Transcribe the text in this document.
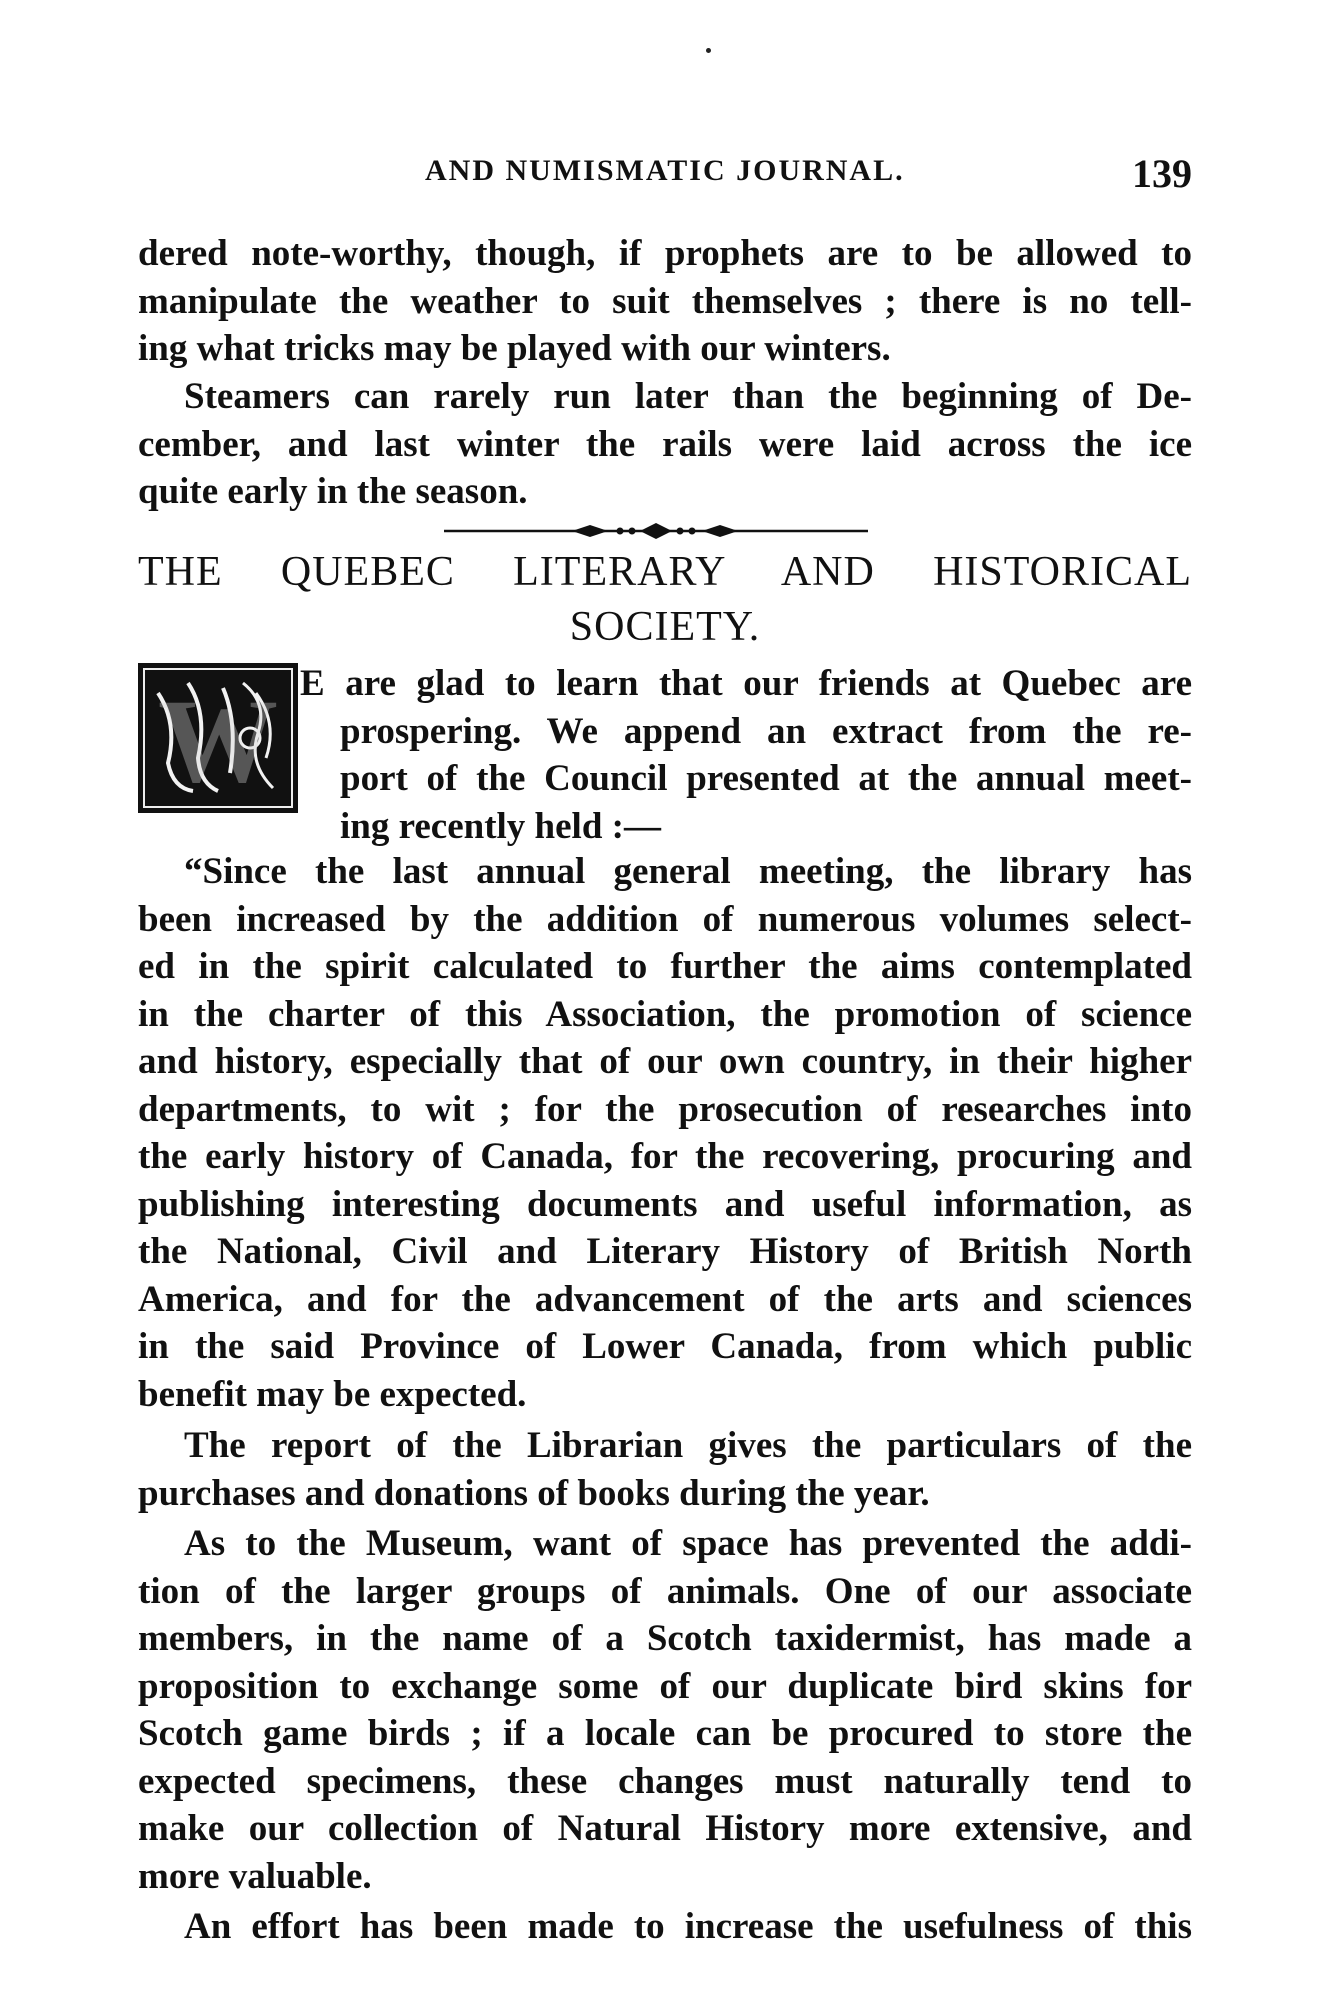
AND NUMISMATIC JOURNAL.	139
dered note-worthy, though, if prophets are to be allowed to
manipulate the weather to suit themselves ; there is no tell-
ing what tricks may be played with our winters.
Steamers can rarely run later than the beginning of De-
cember, and last winter the rails were laid across the ice
quite early in the season.
THE QUEBEC LITERARY AND HISTORICAL
SOCIETY.
W E are glad to learn that our friends at Quebec are
prospering. We append an extract from the re-
port of the Council presented at the annual meet-
ing recently held :—
“Since the last annual general meeting, the library has
been increased by the addition of numerous volumes select-
ed in the spirit calculated to further the aims contemplated
in the charter of this Association, the promotion of science
and history, especially that of our own country, in their higher
departments, to wit ; for the prosecution of researches into
the early history of Canada, for the recovering, procuring and
publishing interesting documents and useful information, as
the National, Civil and Literary History of British North
America, and for the advancement of the arts and sciences
in the said Province of Lower Canada, from which public
benefit may be expected.
The report of the Librarian gives the particulars of the
purchases and donations of books during the year.
As to the Museum, want of space has prevented the addi-
tion of the larger groups of animals. One of our associate
members, in the name of a Scotch taxidermist, has made a
proposition to exchange some of our duplicate bird skins for
Scotch game birds ; if a locale can be procured to store the
expected specimens, these changes must naturally tend to
make our collection of Natural History more extensive, and
more valuable.
An effort has been made to increase the usefulness of this
